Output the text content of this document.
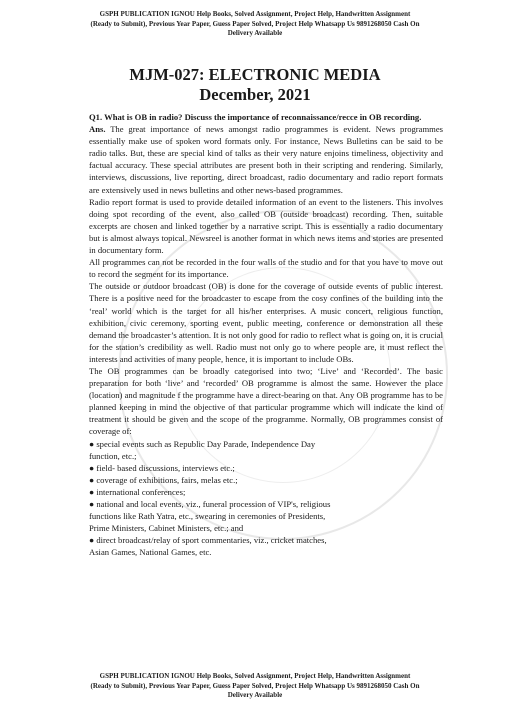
GSPH PUBLICATION IGNOU Help Books, Solved Assignment, Project Help, Handwritten Assignment
(Ready to Submit), Previous Year Paper, Guess Paper Solved, Project Help Whatsapp Us 9891268050 Cash On
Delivery Available
MJM-027: ELECTRONIC MEDIA
December, 2021

Q1. What is OB in radio? Discuss the importance of reconnaissance/recce in OB recording.

Ans. The great importance of news amongst radio programmes is evident. News programmes essentially make use of spoken word formats only. For instance, News Bulletins can be said to be radio talks. But, these are special kind of talks as their very nature enjoins timeliness, objectivity and factual accuracy. These special attributes are present both in their scripting and rendering. Similarly, interviews, discussions, live reporting, direct broadcast, radio documentary and radio report formats are extensively used in news bulletins and other news-based programmes.

Radio report format is used to provide detailed information of an event to the listeners. This involves doing spot recording of the event, also called OB (outside broadcast) recording. Then, suitable excerpts are chosen and linked together by a narrative script. This is essentially a radio documentary but is almost always topical. Newsreel is another format in which news items and stories are presented in documentary form.

All programmes can not be recorded in the four walls of the studio and for that you have to move out to record the segment for its importance.

The outside or outdoor broadcast (OB) is done for the coverage of outside events of public interest. There is a positive need for the broadcaster to escape from the cosy confines of the building into the ‘real’ world which is the target for all his/her enterprises. A music concert, religious function, exhibition, civic ceremony, sporting event, public meeting, conference or demonstration all these demand the broadcaster’s attention. It is not only good for radio to reflect what is going on, it is crucial for the station’s credibility as well. Radio must not only go to where people are, it must reflect the interests and activities of many people, hence, it is important to include OBs.

The OB programmes can be broadly categorised into two; ‘Live’ and ‘Recorded’. The basic preparation for both ‘live’ and ‘recorded’ OB programme is almost the same. However the place (location) and magnitude f the programme have a direct-bearing on that. Any OB programme has to be planned keeping in mind the objective of that particular programme which will indicate the kind of treatment it should be given and the scope of the programme. Normally, OB programmes consist of coverage of:

● special events such as Republic Day Parade, Independence Day
function, etc.;
● field- based discussions, interviews etc.;
● coverage of exhibitions, fairs, melas etc.;
● international conferences;
● national and local events, viz., funeral procession of VIP's, religious
functions like Rath Yatra, etc., swearing in ceremonies of Presidents,
Prime Ministers, Cabinet Ministers, etc.; and
● direct broadcast/relay of sport commentaries, viz., cricket matches,
Asian Games, National Games, etc.
GSPH PUBLICATION IGNOU Help Books, Solved Assignment, Project Help, Handwritten Assignment
(Ready to Submit), Previous Year Paper, Guess Paper Solved, Project Help Whatsapp Us 9891268050 Cash On
Delivery Available
